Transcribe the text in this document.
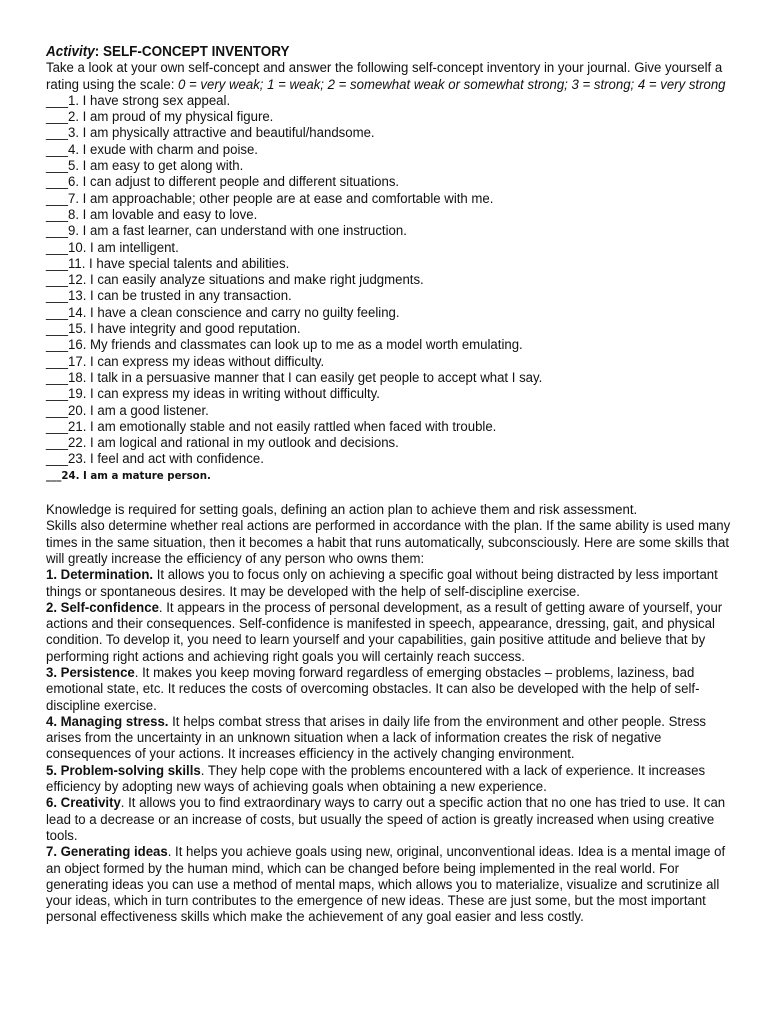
Activity: SELF-CONCEPT INVENTORY

Take a look at your own self-concept and answer the following self-concept inventory in your journal. Give yourself a rating using the scale: 0 = very weak; 1 = weak; 2 = somewhat weak or somewhat strong; 3 = strong; 4 = very strong

___1. I have strong sex appeal.
___2. I am proud of my physical figure.
___3. I am physically attractive and beautiful/handsome.
___4. I exude with charm and poise.
___5. I am easy to get along with.
___6. I can adjust to different people and different situations.
___7. I am approachable; other people are at ease and comfortable with me.
___8. I am lovable and easy to love.
___9. I am a fast learner, can understand with one instruction.
___10. I am intelligent.
___11. I have special talents and abilities.
___12. I can easily analyze situations and make right judgments.
___13. I can be trusted in any transaction.
___14. I have a clean conscience and carry no guilty feeling.
___15. I have integrity and good reputation.
___16. My friends and classmates can look up to me as a model worth emulating.
___17. I can express my ideas without difficulty.
___18. I talk in a persuasive manner that I can easily get people to accept what I say.
___19. I can express my ideas in writing without difficulty.
___20. I am a good listener.
___21. I am emotionally stable and not easily rattled when faced with trouble.
___22. I am logical and rational in my outlook and decisions.
___23. I feel and act with confidence.
___24. I am a mature person.

Knowledge is required for setting goals, defining an action plan to achieve them and risk assessment.

Skills also determine whether real actions are performed in accordance with the plan. If the same ability is used many times in the same situation, then it becomes a habit that runs automatically, subconsciously. Here are some skills that will greatly increase the efficiency of any person who owns them:

1. Determination. It allows you to focus only on achieving a specific goal without being distracted by less important things or spontaneous desires. It may be developed with the help of self-discipline exercise.

2. Self-confidence. It appears in the process of personal development, as a result of getting aware of yourself, your actions and their consequences. Self-confidence is manifested in speech, appearance, dressing, gait, and physical condition. To develop it, you need to learn yourself and your capabilities, gain positive attitude and believe that by performing right actions and achieving right goals you will certainly reach success.

3. Persistence. It makes you keep moving forward regardless of emerging obstacles – problems, laziness, bad emotional state, etc. It reduces the costs of overcoming obstacles. It can also be developed with the help of self-discipline exercise.

4. Managing stress. It helps combat stress that arises in daily life from the environment and other people. Stress arises from the uncertainty in an unknown situation when a lack of information creates the risk of negative consequences of your actions. It increases efficiency in the actively changing environment.

5. Problem-solving skills. They help cope with the problems encountered with a lack of experience. It increases efficiency by adopting new ways of achieving goals when obtaining a new experience.

6. Creativity. It allows you to find extraordinary ways to carry out a specific action that no one has tried to use. It can lead to a decrease or an increase of costs, but usually the speed of action is greatly increased when using creative tools.

7. Generating ideas. It helps you achieve goals using new, original, unconventional ideas. Idea is a mental image of an object formed by the human mind, which can be changed before being implemented in the real world. For generating ideas you can use a method of mental maps, which allows you to materialize, visualize and scrutinize all your ideas, which in turn contributes to the emergence of new ideas. These are just some, but the most important personal effectiveness skills which make the achievement of any goal easier and less costly.
